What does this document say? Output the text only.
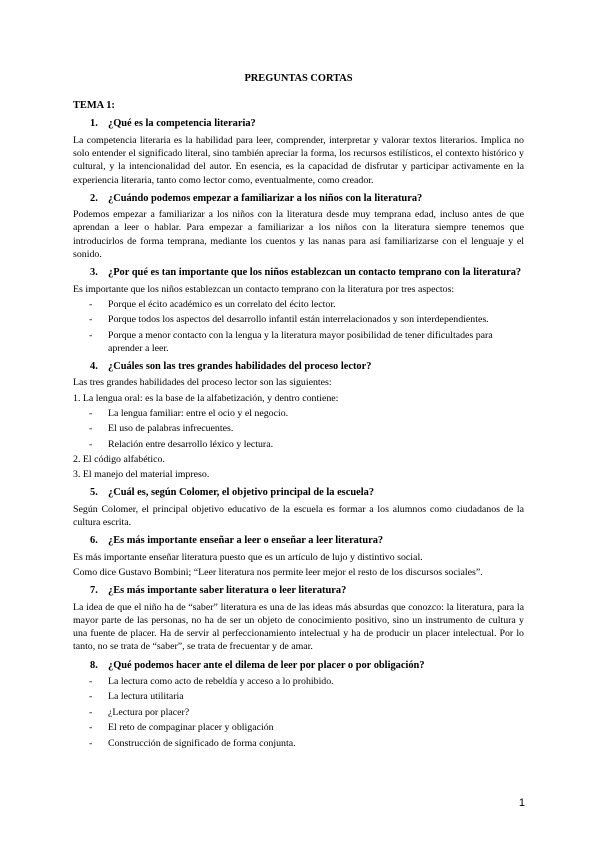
PREGUNTAS CORTAS
TEMA 1:
1. ¿Qué es la competencia literaria?

La competencia literaria es la habilidad para leer, comprender, interpretar y valorar textos literarios. Implica no solo entender el significado literal, sino también apreciar la forma, los recursos estilísticos, el contexto histórico y cultural, y la intencionalidad del autor. En esencia, es la capacidad de disfrutar y participar activamente en la experiencia literaria, tanto como lector como, eventualmente, como creador.

2. ¿Cuándo podemos empezar a familiarizar a los niños con la literatura?

Podemos empezar a familiarizar a los niños con la literatura desde muy temprana edad, incluso antes de que aprendan a leer o hablar. Para empezar a familiarizar a los niños con la literatura siempre tenemos que introducirlos de forma temprana, mediante los cuentos y las nanas para así familiarizarse con el lenguaje y el sonido.

3. ¿Por qué es tan importante que los niños establezcan un contacto temprano con la literatura?

Es importante que los niños establezcan un contacto temprano con la literatura por tres aspectos:

-	Porque el écito académico es un correlato del écito lector.
-	Porque todos los aspectos del desarrollo infantil están interrelacionados y son interdependientes.
-	Porque a menor contacto con la lengua y la literatura mayor posibilidad de tener dificultades para aprender a leer.
4. ¿Cuáles son las tres grandes habilidades del proceso lector?

Las tres grandes habilidades del proceso lector son las siguientes:

1. La lengua oral: es la base de la alfabetización, y dentro contiene:

-	La lengua familiar: entre el ocio y el negocio.
-	El uso de palabras infrecuentes.
-	Relación entre desarrollo léxico y lectura.

2. El código alfabético.

3. El manejo del material impreso.

5. ¿Cuál es, según Colomer, el objetivo principal de la escuela?

Según Colomer, el principal objetivo educativo de la escuela es formar a los alumnos como ciudadanos de la cultura escrita.

6. ¿Es más importante enseñar a leer o enseñar a leer literatura?

Es más importante enseñar literatura puesto que es un artículo de lujo y distintivo social.

Como dice Gustavo Bombini; “Leer literatura nos permite leer mejor el resto de los discursos sociales”.

7. ¿Es más importante saber literatura o leer literatura?

La idea de que el niño ha de “saber” literatura es una de las ideas más absurdas que conozco: la literatura, para la mayor parte de las personas, no ha de ser un objeto de conocimiento positivo, sino un instrumento de cultura y una fuente de placer. Ha de servir al perfeccionamiento intelectual y ha de producir un placer intelectual. Por lo tanto, no se trata de “saber”, se trata de frecuentar y de amar.

8. ¿Qué podemos hacer ante el dilema de leer por placer o por obligación?
-	La lectura como acto de rebeldía y acceso a lo prohibido.
-	La lectura utilitaria
-	¿Lectura por placer?
-	El reto de compaginar placer y obligación
-	Construcción de significado de forma conjunta.
1
